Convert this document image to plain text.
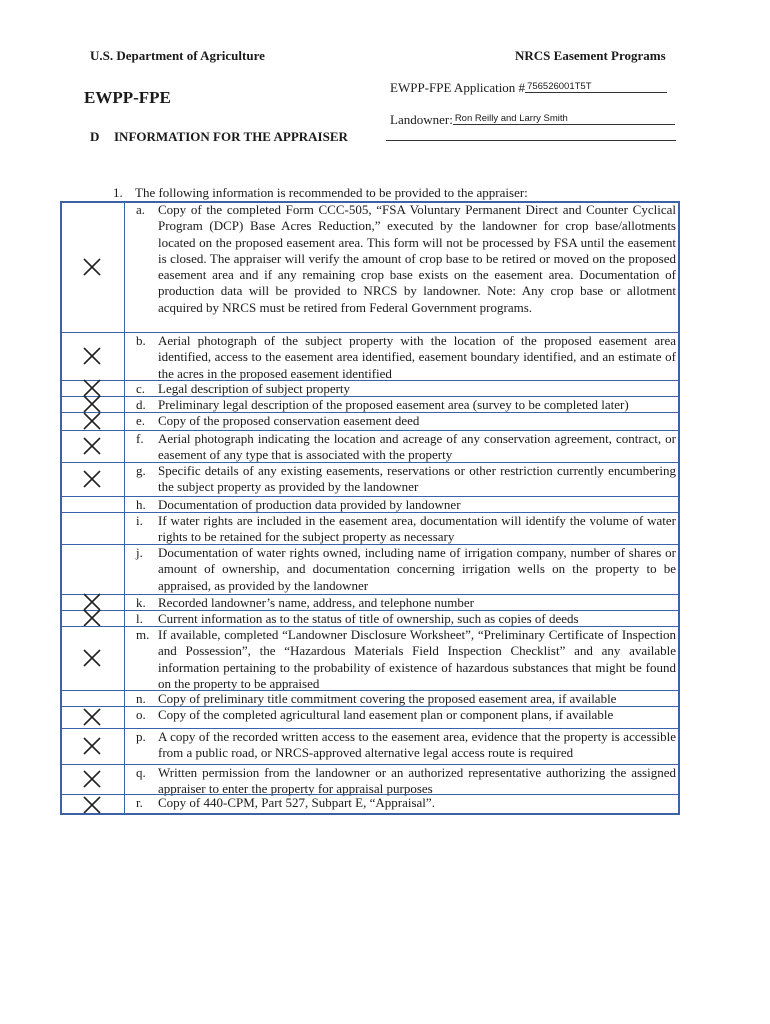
U.S. Department of Agriculture	NRCS Easement Programs
EWPP-FPE
EWPP-FPE Application # 756526001T5T
Landowner: Ron Reilly and Larry Smith
D INFORMATION FOR THE APPRAISER
1. The following information is recommended to be provided to the appraiser:
a. Copy of the completed Form CCC-505, “FSA Voluntary Permanent Direct and Counter Cyclical Program (DCP) Base Acres Reduction,” executed by the landowner for crop base/allotments located on the proposed easement area. This form will not be processed by FSA until the easement is closed. The appraiser will verify the amount of crop base to be retired or moved on the proposed easement area and if any remaining crop base exists on the easement area. Documentation of production data will be provided to NRCS by landowner. Note: Any crop base or allotment acquired by NRCS must be retired from Federal Government programs.
b. Aerial photograph of the subject property with the location of the proposed easement area identified, access to the easement area identified, easement boundary identified, and an estimate of the acres in the proposed easement identified
c. Legal description of subject property
d. Preliminary legal description of the proposed easement area (survey to be completed later)
e. Copy of the proposed conservation easement deed
f.	Aerial photograph indicating the location and acreage of any conservation agreement, contract, or easement of any type that is associated with the property
g. Specific details of any existing easements, reservations or other restriction currently encumbering the subject property as provided by the landowner
h. Documentation of production data provided by landowner
i.	If water rights are included in the easement area, documentation will identify the volume of water rights to be retained for the subject property as necessary
j.	Documentation of water rights owned, including name of irrigation company, number of shares or amount of ownership, and documentation concerning irrigation wells on the property to be appraised, as provided by the landowner
k. Recorded landowner’s name, address, and telephone number
l.	Current information as to the status of title of ownership, such as copies of deeds
m. If available, completed “Landowner Disclosure Worksheet”, “Preliminary Certificate of Inspection and Possession”, the “Hazardous Materials Field Inspection Checklist” and any available information pertaining to the probability of existence of hazardous substances that might be found on the property to be appraised
n. Copy of preliminary title commitment covering the proposed easement area, if available
o. Copy of the completed agricultural land easement plan or component plans, if available
p. A copy of the recorded written access to the easement area, evidence that the property is accessible from a public road, or NRCS-approved alternative legal access route is required
q. Written permission from the landowner or an authorized representative authorizing the assigned appraiser to enter the property for appraisal purposes
r.	Copy of 440-CPM, Part 527, Subpart E, “Appraisal”.
